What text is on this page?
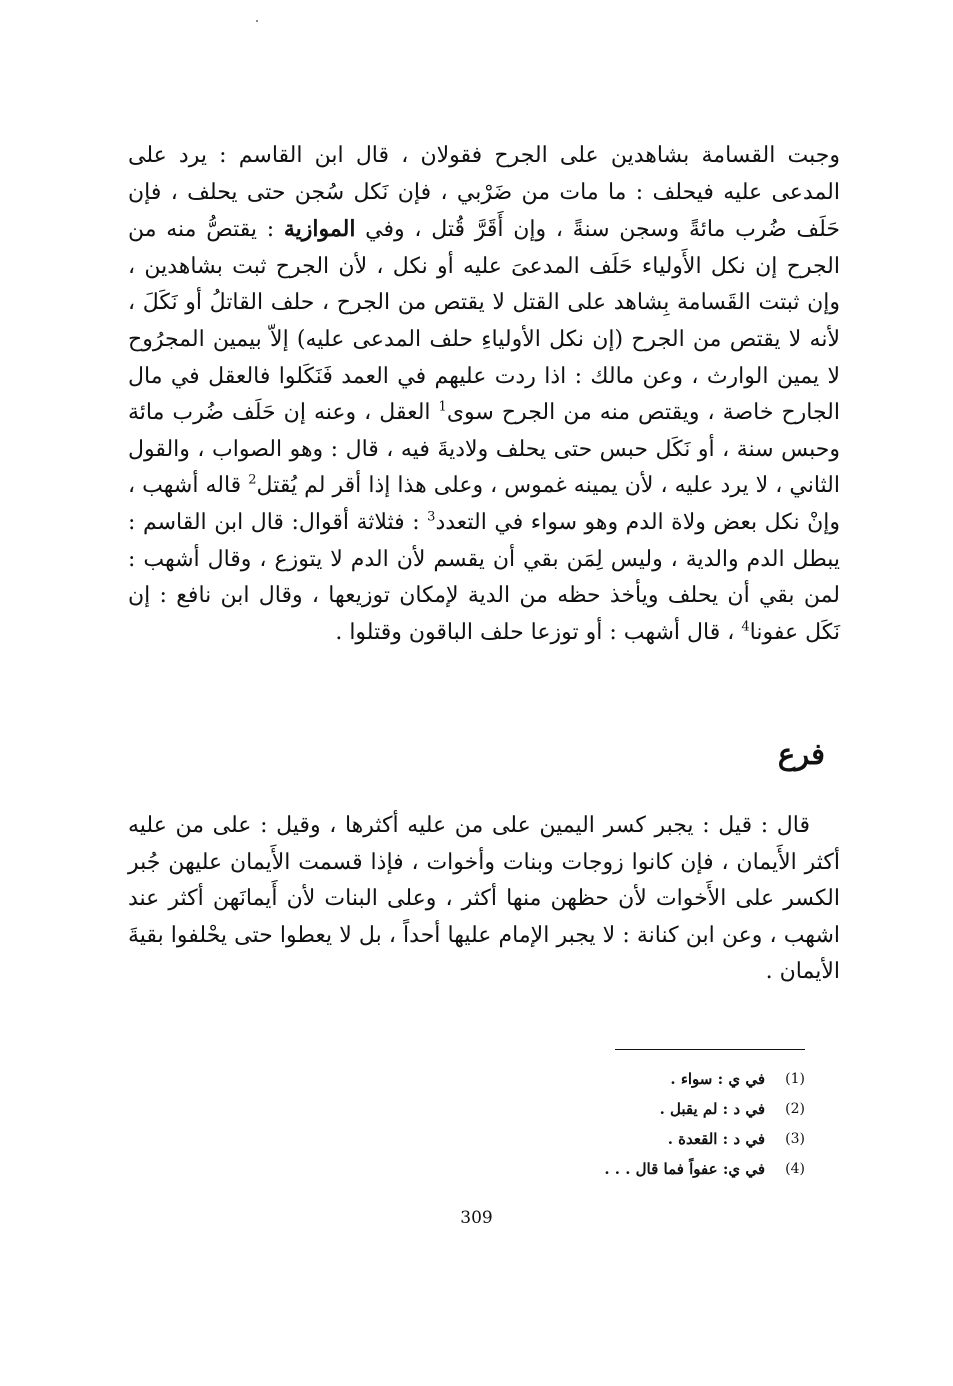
وجبت القسامة بشاهدين على الجرح فقولان ، قال ابن القاسم : يرد على المدعى عليه فيحلف : ما مات من ضَرْبي ، فإن نَكل سُجن حتى يحلف ، فإن حَلَف ضُرب مائةً وسجن سنةً ، وإن أَقَرَّ قُتل ، وفي الموازية : يقتصُّ منه من الجرح إن نكل الأَولياء حَلَف المدعىَ عليه أو نكل ، لأن الجرح ثبت بشاهدين ، وإن ثبتت القَسامة بِشاهد على القتل لا يقتص من الجرح ، حلف القاتلُ أو نَكَلَ ، لأنه لا يقتص من الجرح (إن نكل الأولياءِ حلف المدعى عليه) إلاّ بيمين المجرُوح لا يمين الوارث ، وعن مالك : اذا ردت عليهم في العمد فَنَكَلوا فالعقل في مال الجارح خاصة ، ويقتص منه من الجرح سوى$^1$ العقل ، وعنه إن حَلَف ضُرب مائة وحبس سنة ، أو نَكَل حبس حتى يحلف ولاديةَ فيه ، قال : وهو الصواب ، والقول الثاني ، لا يرد عليه ، لأن يمينه غموس ، وعلى هذا إذا أقر لم يُقتل$^2$ قاله أشهب ، وإنْ نكل بعض ولاة الدم وهو سواء في التعدد$^3$ : فثلاثة أقوال: قال ابن القاسم : يبطل الدم والدية ، وليس لِمَن بقي أن يقسم لأن الدم لا يتوزع ، وقال أشهب : لمن بقي أن يحلف ويأخذ حظه من الدية لإمكان توزيعها ، وقال ابن نافع : إن نَكَل عفونا$^4$ ، قال أشهب : أو توزعا حلف الباقون وقتلوا .

فرع

قال : قيل : يجبر كسر اليمين على من عليه أكثرها ، وقيل : على من عليه أكثر الأَيمان ، فإن كانوا زوجات وبنات وأخوات ، فإذا قسمت الأَيمان عليهن جُبر الكسر على الأَخوات لأن حظهن منها أكثر ، وعلى البنات لأن أَيمانَهن أكثر عند اشهب ، وعن ابن كنانة : لا يجبر الإمام عليها أحداً ، بل لا يعطوا حتى يحْلفوا بقيةَ الأيمان .

(1)
في ي : سواء .
(2)
في د : لم يقبل .
(3)
في د : القعدة .
(4)
في ي: عفواً فما قال . . .
309
